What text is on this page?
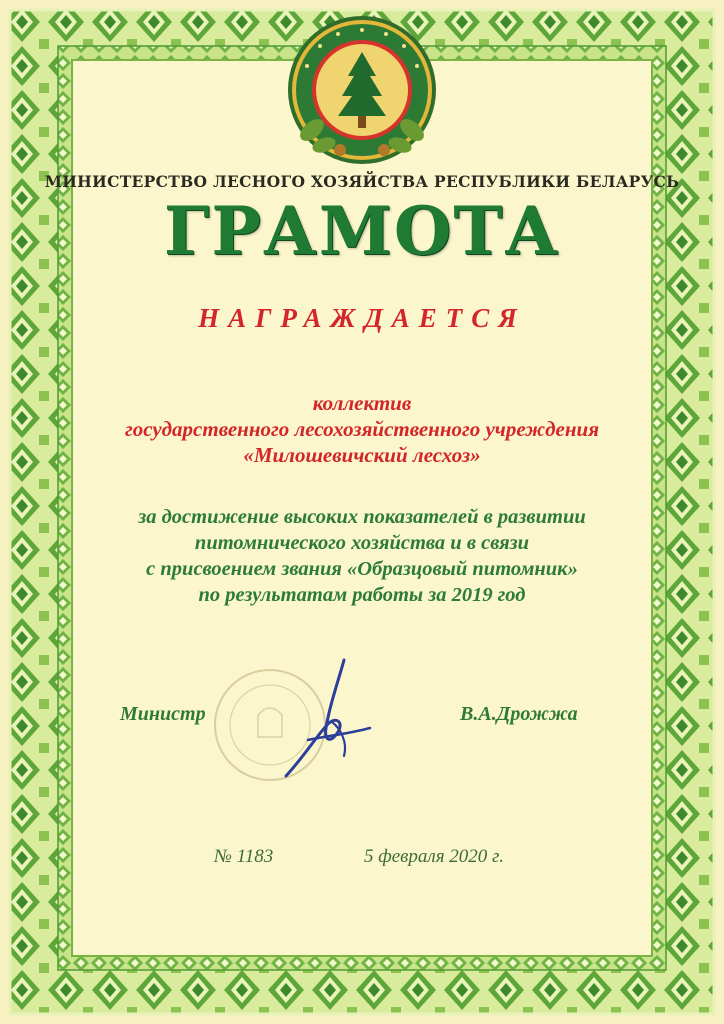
МИНИСТЕРСТВО ЛЕСНОГО ХОЗЯЙСТВА РЕСПУБЛИКИ БЕЛАРУСЬ
ГРАМОТА
НАГРАЖДАЕТСЯ
коллектив
государственного лесохозяйственного учреждения
«Милошевичский лесхоз»
за достижение высоких показателей в развитии
питомнического хозяйства и в связи
с присвоением звания «Образцовый питомник»
по результатам работы за 2019 год
Министр	В.А.Дрожжа
№ 1183	5 февраля 2020 г.
